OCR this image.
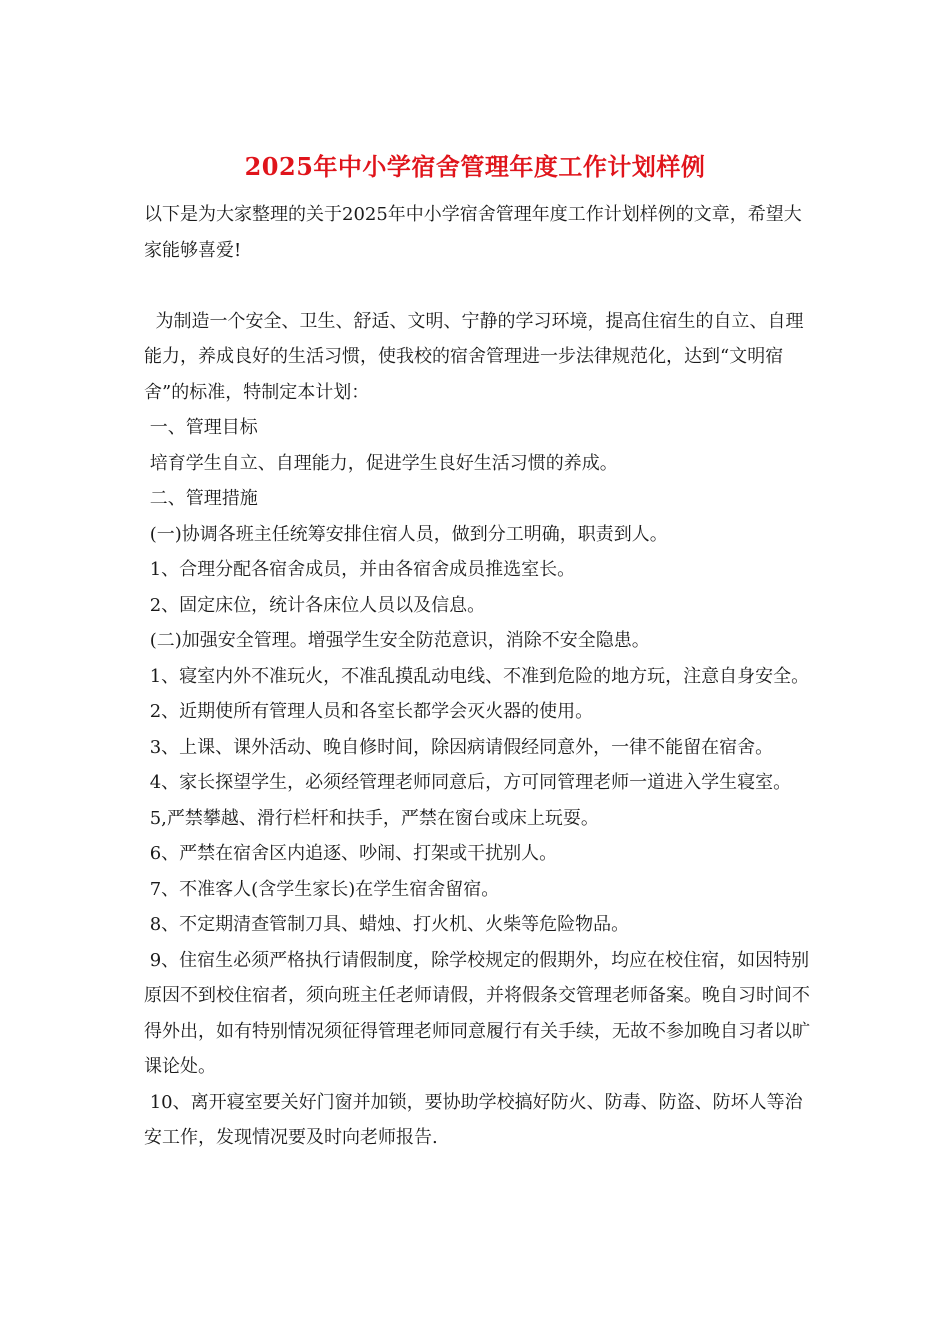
2025年中小学宿舍管理年度工作计划样例

以下是为大家整理的关于2025年中小学宿舍管理年度工作计划样例的文章，希望大家能够喜爱!

为制造一个安全、卫生、舒适、文明、宁静的学习环境，提高住宿生的自立、自理能力，养成良好的生活习惯，使我校的宿舍管理进一步法律规范化，达到“文明宿舍”的标准，特制定本计划：

一、管理目标

培育学生自立、自理能力，促进学生良好生活习惯的养成。

二、管理措施

(一)协调各班主任统筹安排住宿人员，做到分工明确，职责到人。

1、合理分配各宿舍成员，并由各宿舍成员推选室长。

2、固定床位，统计各床位人员以及信息。

(二)加强安全管理。增强学生安全防范意识，消除不安全隐患。

1、寝室内外不准玩火，不准乱摸乱动电线、不准到危险的地方玩，注意自身安全。

2、近期使所有管理人员和各室长都学会灭火器的使用。

3、上课、课外活动、晚自修时间，除因病请假经同意外，一律不能留在宿舍。

4、家长探望学生，必须经管理老师同意后，方可同管理老师一道进入学生寝室。

5,严禁攀越、滑行栏杆和扶手，严禁在窗台或床上玩耍。

6、严禁在宿舍区内追逐、吵闹、打架或干扰别人。

7、不准客人(含学生家长)在学生宿舍留宿。

8、不定期清查管制刀具、蜡烛、打火机、火柴等危险物品。

9、住宿生必须严格执行请假制度，除学校规定的假期外，均应在校住宿，如因特别原因不到校住宿者，须向班主任老师请假，并将假条交管理老师备案。晚自习时间不得外出，如有特别情况须征得管理老师同意履行有关手续，无故不参加晚自习者以旷课论处。

10、离开寝室要关好门窗并加锁，要协助学校搞好防火、防毒、防盗、防坏人等治安工作，发现情况要及时向老师报告.
